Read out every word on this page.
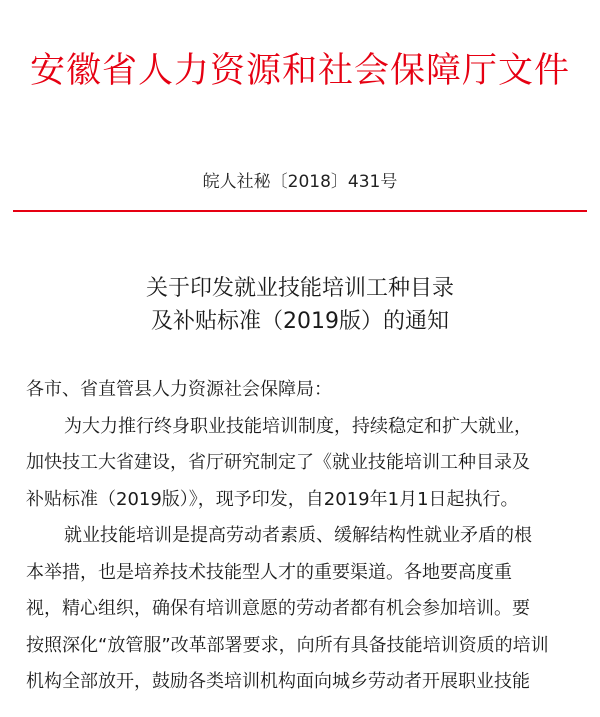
安徽省人力资源和社会保障厅文件
皖人社秘〔2018〕431号
关于印发就业技能培训工种目录
及补贴标准（2019版）的通知

各市、省直管县人力资源社会保障局：

为大力推行终身职业技能培训制度，持续稳定和扩大就业，
加快技工大省建设，省厅研究制定了《就业技能培训工种目录及
补贴标准（2019版）》，现予印发，自2019年1月1日起执行。

就业技能培训是提高劳动者素质、缓解结构性就业矛盾的根
本举措，也是培养技术技能型人才的重要渠道。各地要高度重
视，精心组织，确保有培训意愿的劳动者都有机会参加培训。要
按照深化“放管服”改革部署要求，向所有具备技能培训资质的培训
机构全部放开，鼓励各类培训机构面向城乡劳动者开展职业技能
